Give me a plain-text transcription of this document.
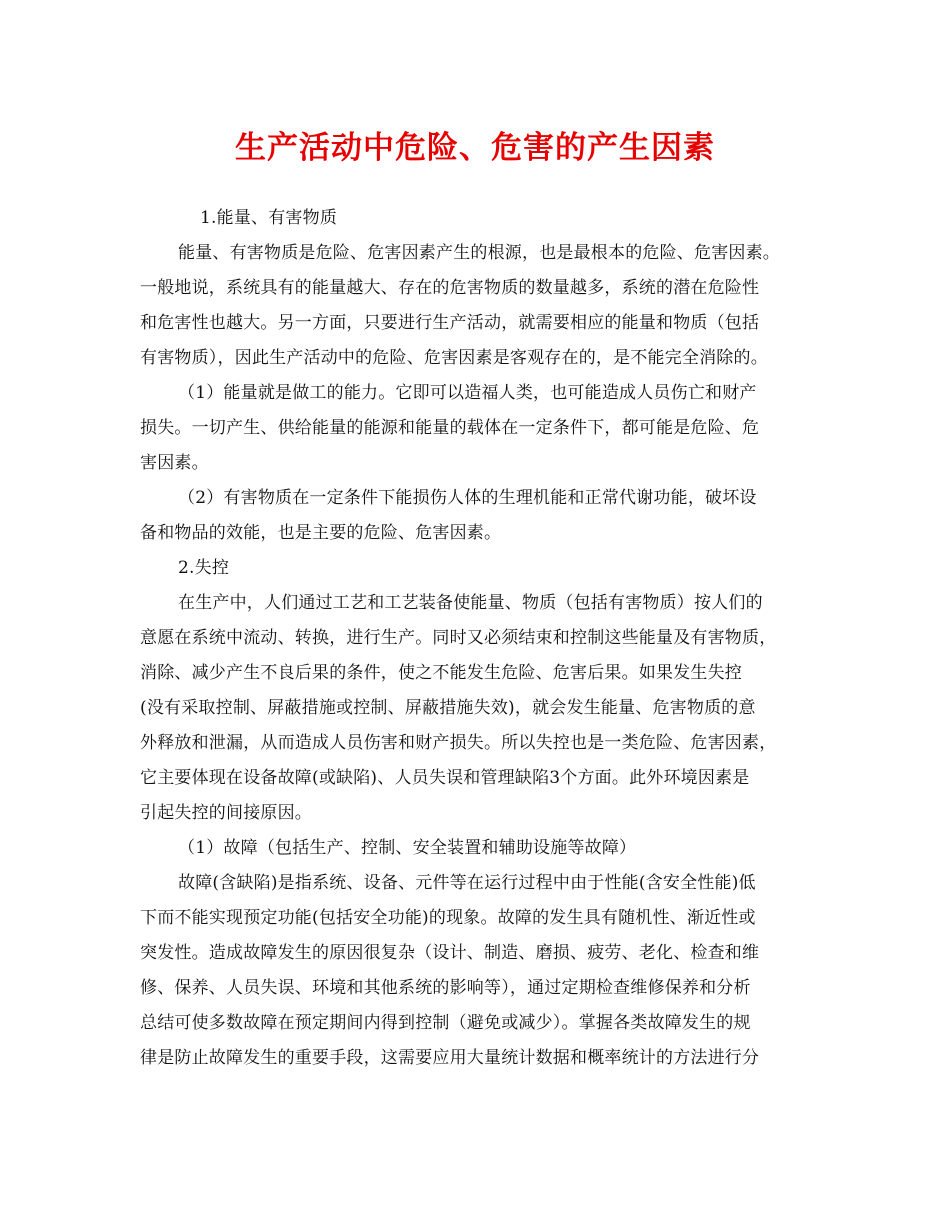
生产活动中危险、危害的产生因素
1.能量、有害物质
能量、有害物质是危险、危害因素产生的根源，也是最根本的危险、危害因素。
一般地说，系统具有的能量越大、存在的危害物质的数量越多，系统的潜在危险性
和危害性也越大。另一方面，只要进行生产活动，就需要相应的能量和物质（包括
有害物质），因此生产活动中的危险、危害因素是客观存在的，是不能完全消除的。
（1）能量就是做工的能力。它即可以造福人类，也可能造成人员伤亡和财产
损失。一切产生、供给能量的能源和能量的载体在一定条件下，都可能是危险、危
害因素。
（2）有害物质在一定条件下能损伤人体的生理机能和正常代谢功能，破坏设
备和物品的效能，也是主要的危险、危害因素。
2.失控
在生产中，人们通过工艺和工艺装备使能量、物质（包括有害物质）按人们的
意愿在系统中流动、转换，进行生产。同时又必须结束和控制这些能量及有害物质，
消除、减少产生不良后果的条件，使之不能发生危险、危害后果。如果发生失控
(没有采取控制、屏蔽措施或控制、屏蔽措施失效)，就会发生能量、危害物质的意
外释放和泄漏，从而造成人员伤害和财产损失。所以失控也是一类危险、危害因素，
它主要体现在设备故障(或缺陷)、人员失误和管理缺陷3个方面。此外环境因素是
引起失控的间接原因。
（1）故障（包括生产、控制、安全装置和辅助设施等故障）
故障(含缺陷)是指系统、设备、元件等在运行过程中由于性能(含安全性能)低
下而不能实现预定功能(包括安全功能)的现象。故障的发生具有随机性、渐近性或
突发性。造成故障发生的原因很复杂（设计、制造、磨损、疲劳、老化、检查和维
修、保养、人员失误、环境和其他系统的影响等），通过定期检查维修保养和分析
总结可使多数故障在预定期间内得到控制（避免或减少）。掌握各类故障发生的规
律是防止故障发生的重要手段，这需要应用大量统计数据和概率统计的方法进行分
